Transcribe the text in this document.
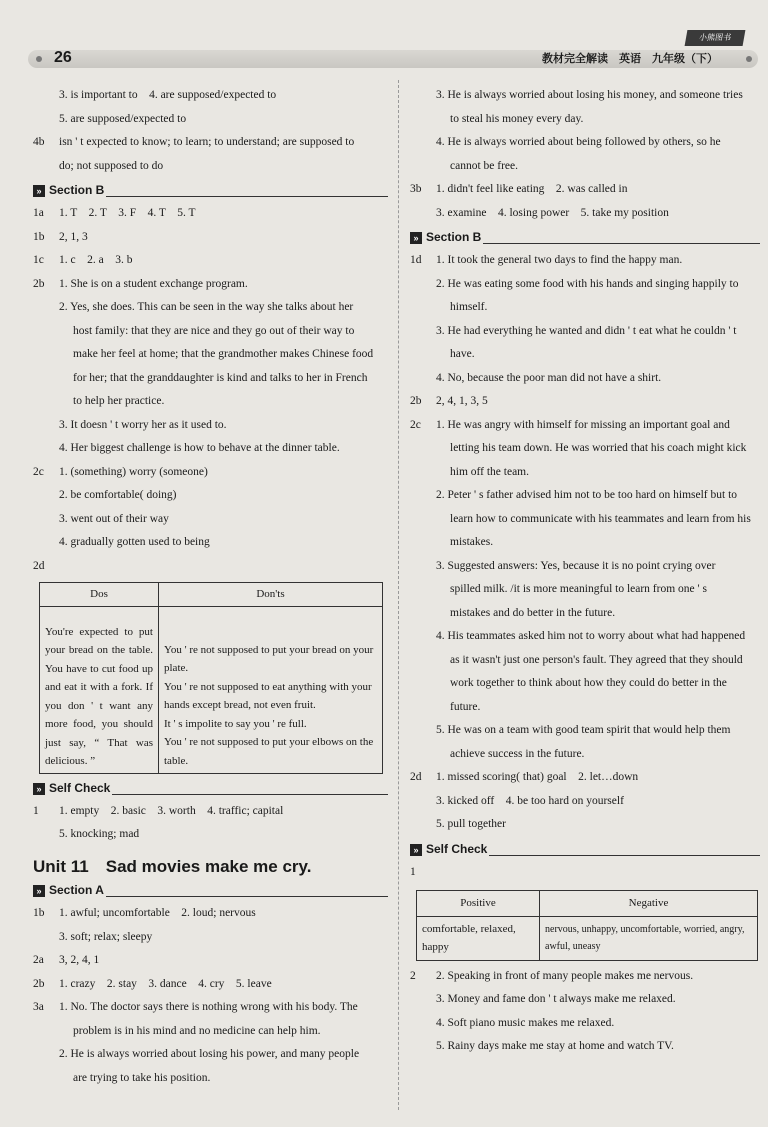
26	教材完全解读　英语　九年级（下）
小熊图书
3. is important to　4. are supposed/expected to
5. are supposed/expected to
4b	isn ' t expected to know; to learn; to understand; are supposed to
do; not supposed to do
» Section B
1a	1. T　2. T　3. F　4. T　5. T
1b	2, 1, 3
1c	1. c　2. a　3. b
2b	1. She is on a student exchange program.
2. Yes, she does. This can be seen in the way she talks about her
host family: that they are nice and they go out of their way to
make her feel at home; that the grandmother makes Chinese food
for her; that the granddaughter is kind and talks to her in French
to help her practice.
3. It doesn ' t worry her as it used to.
4. Her biggest challenge is how to behave at the dinner table.
2c	1. (something) worry (someone)
2. be comfortable( doing)
3. went out of their way
4. gradually gotten used to being
2d
Dos	Don'ts
You're expected to put your bread on the table. You have to cut food up and eat it with a fork. If you don ' t want any more food, you should just say, “ That was delicious. ”	You ' re not supposed to put your bread on your plate.
You ' re not supposed to eat anything with your hands except bread, not even fruit.
It ' s impolite to say you ' re full.
You ' re not supposed to put your elbows on the table.
» Self Check
1	1. empty　2. basic　3. worth　4. traffic; capital
5. knocking; mad
Unit 11　Sad movies make me cry.
» Section A
1b	1. awful; uncomfortable　2. loud; nervous
3. soft; relax; sleepy
2a	3, 2, 4, 1
2b	1. crazy　2. stay　3. dance　4. cry　5. leave
3a	1. No. The doctor says there is nothing wrong with his body. The
problem is in his mind and no medicine can help him.
2. He is always worried about losing his power, and many people
are trying to take his position.
3. He is always worried about losing his money, and someone tries
to steal his money every day.
4. He is always worried about being followed by others, so he
cannot be free.
3b	1. didn't feel like eating　2. was called in
3. examine　4. losing power　5. take my position
» Section B
1d	1. It took the general two days to find the happy man.
2. He was eating some food with his hands and singing happily to
himself.
3. He had everything he wanted and didn ' t eat what he couldn ' t
have.
4. No, because the poor man did not have a shirt.
2b	2, 4, 1, 3, 5
2c	1. He was angry with himself for missing an important goal and
letting his team down. He was worried that his coach might kick
him off the team.
2. Peter ' s father advised him not to be too hard on himself but to
learn how to communicate with his teammates and learn from his
mistakes.
3. Suggested answers: Yes, because it is no point crying over
spilled milk. /it is more meaningful to learn from one ' s
mistakes and do better in the future.
4. His teammates asked him not to worry about what had happened
as it wasn't just one person's fault. They agreed that they should
work together to think about how they could do better in the
future.
5. He was on a team with good team spirit that would help them
achieve success in the future.
2d	1. missed scoring( that) goal　2. let…down
3. kicked off　4. be too hard on yourself
5. pull together
» Self Check
1
Positive	Negative
comfortable, relaxed, happy	nervous, unhappy, uncomfortable, worried, angry, awful, uneasy
2	2. Speaking in front of many people makes me nervous.
3. Money and fame don ' t always make me relaxed.
4. Soft piano music makes me relaxed.
5. Rainy days make me stay at home and watch TV.
